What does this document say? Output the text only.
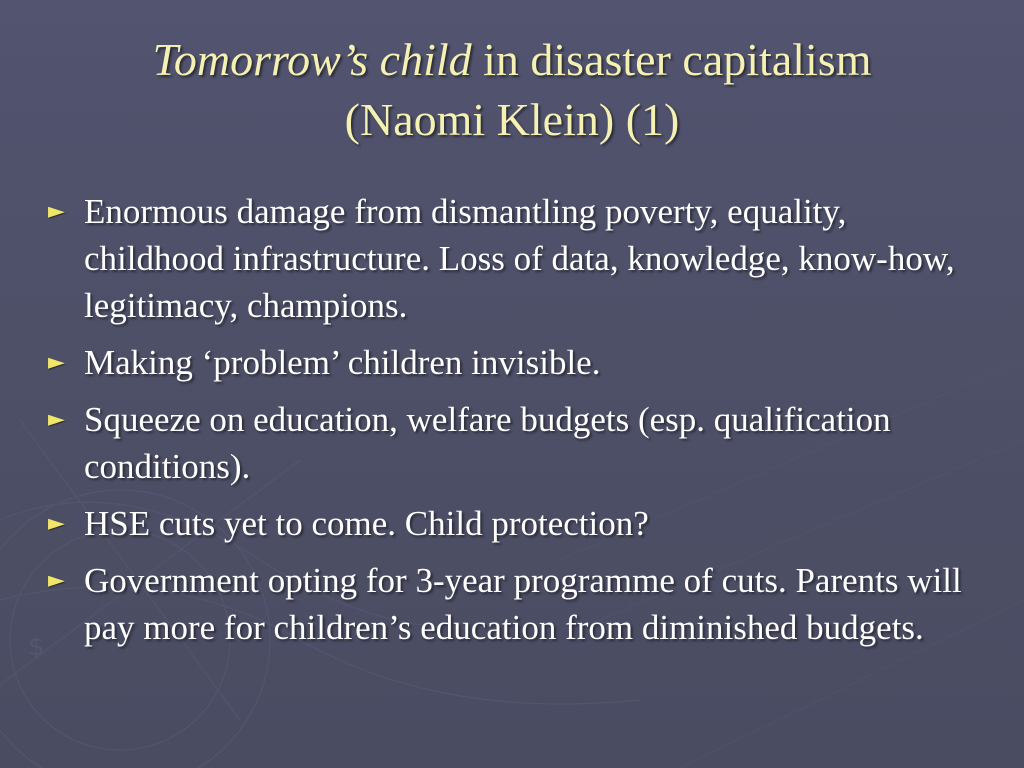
$
Tomorrow’s child in disaster capitalism
(Naomi Klein) (1)
► Enormous damage from dismantling poverty, equality, childhood infrastructure. Loss of data, knowledge, know-how, legitimacy, champions.
► Making ‘problem’ children invisible.
► Squeeze on education, welfare budgets (esp. qualification conditions).
► HSE cuts yet to come. Child protection?
► Government opting for 3-year programme of cuts. Parents will pay more for children’s education from diminished budgets.
